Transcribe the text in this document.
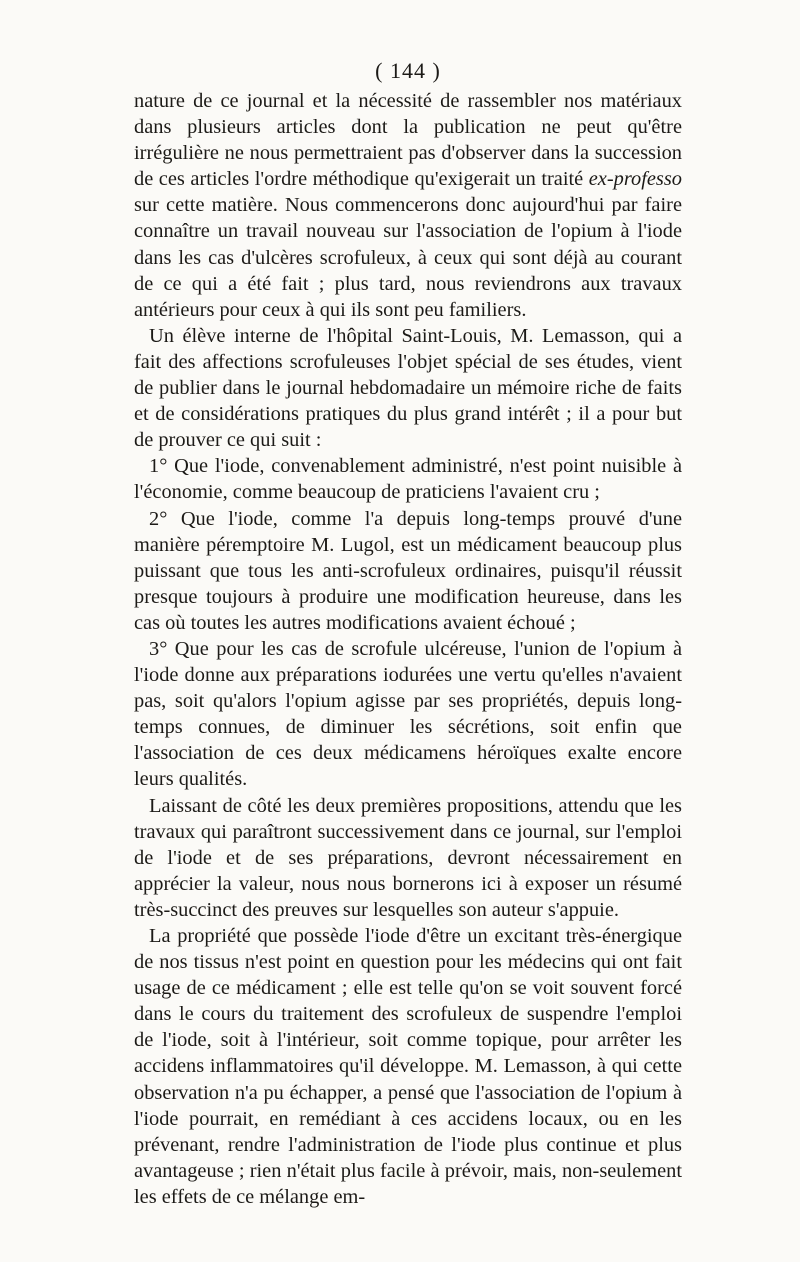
( 144 )

nature de ce journal et la nécessité de rassembler nos matériaux dans plusieurs articles dont la publication ne peut qu'être irrégulière ne nous permettraient pas d'observer dans la succession de ces articles l'ordre méthodique qu'exigerait un traité ex-professo sur cette matière. Nous commencerons donc aujourd'hui par faire connaître un travail nouveau sur l'association de l'opium à l'iode dans les cas d'ulcères scrofuleux, à ceux qui sont déjà au courant de ce qui a été fait ; plus tard, nous reviendrons aux travaux antérieurs pour ceux à qui ils sont peu familiers.

Un élève interne de l'hôpital Saint-Louis, M. Lemasson, qui a fait des affections scrofuleuses l'objet spécial de ses études, vient de publier dans le journal hebdomadaire un mémoire riche de faits et de considérations pratiques du plus grand intérêt ; il a pour but de prouver ce qui suit :

1° Que l'iode, convenablement administré, n'est point nuisible à l'économie, comme beaucoup de praticiens l'avaient cru ;

2° Que l'iode, comme l'a depuis long-temps prouvé d'une manière péremptoire M. Lugol, est un médicament beaucoup plus puissant que tous les anti-scrofuleux ordinaires, puisqu'il réussit presque toujours à produire une modification heureuse, dans les cas où toutes les autres modifications avaient échoué ;

3° Que pour les cas de scrofule ulcéreuse, l'union de l'opium à l'iode donne aux préparations iodurées une vertu qu'elles n'avaient pas, soit qu'alors l'opium agisse par ses propriétés, depuis long-temps connues, de diminuer les sécrétions, soit enfin que l'association de ces deux médicamens héroïques exalte encore leurs qualités.

Laissant de côté les deux premières propositions, attendu que les travaux qui paraîtront successivement dans ce journal, sur l'emploi de l'iode et de ses préparations, devront nécessairement en apprécier la valeur, nous nous bornerons ici à exposer un résumé très-succinct des preuves sur lesquelles son auteur s'appuie.

La propriété que possède l'iode d'être un excitant très-énergique de nos tissus n'est point en question pour les médecins qui ont fait usage de ce médicament ; elle est telle qu'on se voit souvent forcé dans le cours du traitement des scrofuleux de suspendre l'emploi de l'iode, soit à l'intérieur, soit comme topique, pour arrêter les accidens inflammatoires qu'il développe. M. Lemasson, à qui cette observation n'a pu échapper, a pensé que l'association de l'opium à l'iode pourrait, en remédiant à ces accidens locaux, ou en les prévenant, rendre l'administration de l'iode plus continue et plus avantageuse ; rien n'était plus facile à prévoir, mais, non-seulement les effets de ce mélange em-
